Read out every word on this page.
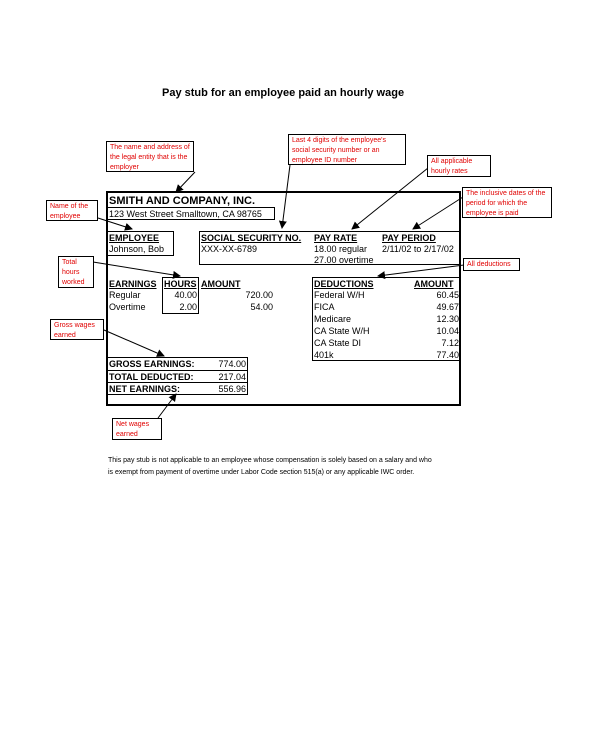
Pay stub for an employee paid an hourly wage
SMITH AND COMPANY, INC.
123 West Street Smalltown, CA 98765
EMPLOYEE
Johnson, Bob
SOCIAL SECURITY NO.
XXX-XX-6789
PAY RATE
18.00 regular
27.00 overtime
PAY PERIOD
2/11/02 to 2/17/02
EARNINGS HOURS AMOUNT
Regular	40.00	720.00
Overtime	2.00	54.00
DEDUCTIONS	AMOUNT
Federal W/H	60.45
FICA	49.67
Medicare	12.30
CA State W/H	10.04
CA State DI	7.12
401k	77.40
GROSS EARNINGS:	774.00
TOTAL DEDUCTED:	217.04
NET EARNINGS:	556.96
The name and address of the legal entity that is the employer
Last 4 digits of the employee's social security number or an employee ID number	All applicable hourly rates
Name of the employee
The inclusive dates of the period for which the employee is paid
Total hours worked
All deductions
Gross wages earned
Net wages earned
This pay stub is not applicable to an employee whose compensation is solely based on a salary and who
is exempt from payment of overtime under Labor Code section 515(a) or any applicable IWC order.
